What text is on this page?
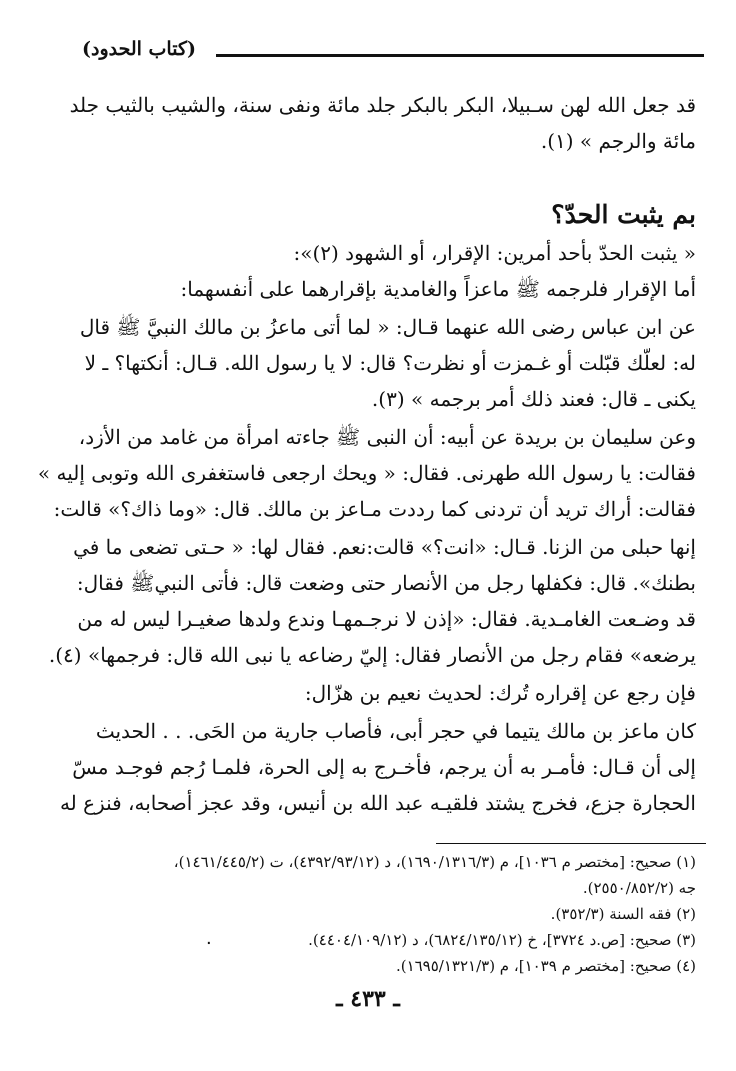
(كتاب الحدود)
قد جعل الله لهن سـبيلا، البكر بالبكر جلد مائة ونفى سنة، والشيب بالثيب جلد
مائة والرجم » (١).
بم يثبت الحدّ؟
« يثبت الحدّ بأحد أمرين: الإقرار، أو الشهود (٢)»:
أما الإقرار فلرجمه ﷺ ماعزاً والغامدية بإقرارهما على أنفسهما:
عن ابن عباس رضى الله عنهما قـال: « لما أتى ماعزُ بن مالك النبيَّ ﷺ قال
له: لعلّك قبّلت أو غـمزت أو نظرت؟ قال: لا يا رسول الله. قـال: أنكتها؟ ـ لا
يكنى ـ قال: فعند ذلك أمر برجمه » (٣).
وعن سليمان بن بريدة عن أبيه: أن النبى ﷺ جاءته امرأة من غامد من الأزد،
فقالت: يا رسول الله طهرنى. فقال: « ويحك ارجعى فاستغفرى الله وتوبى إليه »
فقالت: أراك تريد أن تردنى كما رددت مـاعز بن مالك. قال: «وما ذاك؟» قالت:
إنها حبلى من الزنا. قـال: «انت؟» قالت:نعم. فقال لها: « حـتى تضعى ما في
بطنك». قال: فكفلها رجل من الأنصار حتى وضعت قال: فأتى النبيﷺ فقال:
قد وضـعت الغامـدية. فقال: «إذن لا نرجـمهـا وندع ولدها صغيـرا ليس له من
يرضعه» فقام رجل من الأنصار فقال: إليّ رضاعه يا نبى الله قال: فرجمها» (٤).
فإن رجع عن إقراره تُرك: لحديث نعيم بن هزّال:
كان ماعز بن مالك يتيما في حجر أبى، فأصاب جارية من الحَى. . . الحديث
إلى أن قـال: فأمـر به أن يرجم، فأخـرج به إلى الحرة، فلمـا رُجم فوجـد مسّ
الحجارة جزع، فخرج يشتد فلقيـه عبد الله بن أنيس، وقد عجز أصحابه، فنزع له
(١) صحيح: [مختصر م ١٠٣٦]، م (١٦٩٠/١٣١٦/٣)، د (٤٣٩٢/٩٣/١٢)، ت (١٤٦١/٤٤٥/٢)،
جه (٢٥٥٠/٨٥٢/٢).
(٢) فقه السنة (٣٥٢/٣).
(٣) صحيح: [ص.د ٣٧٢٤]، خ (٦٨٢٤/١٣٥/١٢)، د (٤٤٠٤/١٠٩/١٢).
(٤) صحيح: [مختصر م ١٠٣٩]، م (١٦٩٥/١٣٢١/٣).
٠
ـ ٤٣٣ ـ
